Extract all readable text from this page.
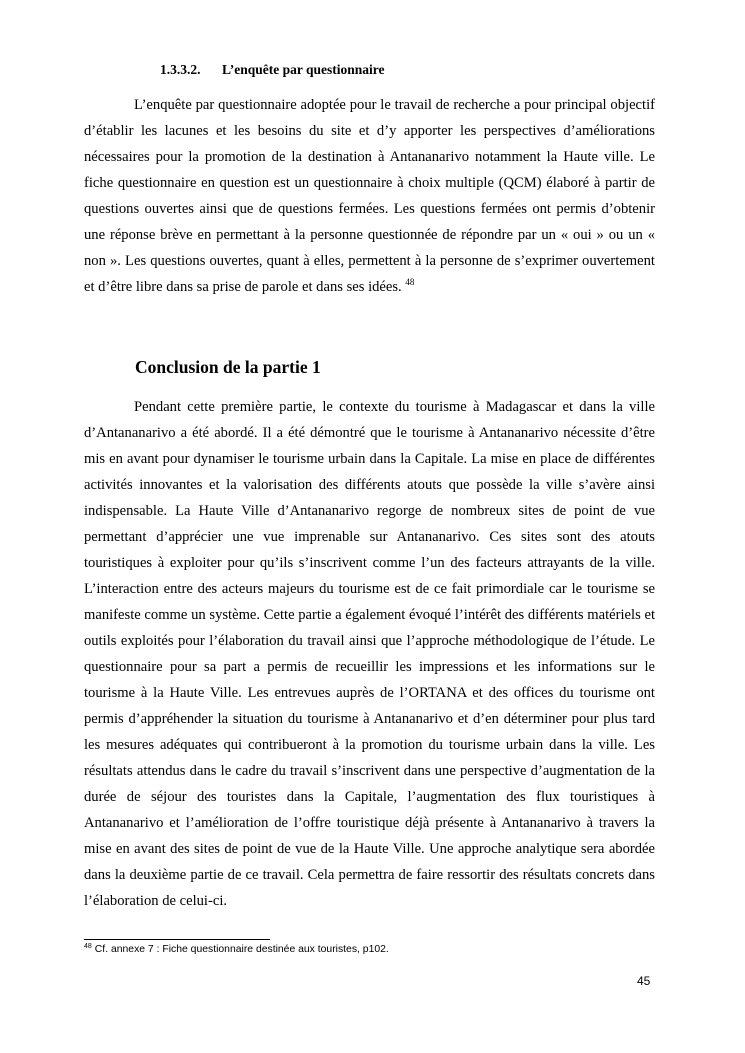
1.3.3.2. L’enquête par questionnaire

L’enquête par questionnaire adoptée pour le travail de recherche a pour principal objectif d’établir les lacunes et les besoins du site et d’y apporter les perspectives d’améliorations nécessaires pour la promotion de la destination à Antananarivo notamment la Haute ville. Le fiche questionnaire en question est un questionnaire à choix multiple (QCM) élaboré à partir de questions ouvertes ainsi que de questions fermées. Les questions fermées ont permis d’obtenir une réponse brève en permettant à la personne questionnée de répondre par un « oui » ou un « non ». Les questions ouvertes, quant à elles, permettent à la personne de s’exprimer ouvertement et d’être libre dans sa prise de parole et dans ses idées. $^{48}$

Conclusion de la partie 1

Pendant cette première partie, le contexte du tourisme à Madagascar et dans la ville d’Antananarivo a été abordé. Il a été démontré que le tourisme à Antananarivo nécessite d’être mis en avant pour dynamiser le tourisme urbain dans la Capitale. La mise en place de différentes activités innovantes et la valorisation des différents atouts que possède la ville s’avère ainsi indispensable. La Haute Ville d’Antananarivo regorge de nombreux sites de point de vue permettant d’apprécier une vue imprenable sur Antananarivo. Ces sites sont des atouts touristiques à exploiter pour qu’ils s’inscrivent comme l’un des facteurs attrayants de la ville. L’interaction entre des acteurs majeurs du tourisme est de ce fait primordiale car le tourisme se manifeste comme un système. Cette partie a également évoqué l’intérêt des différents matériels et outils exploités pour l’élaboration du travail ainsi que l’approche méthodologique de l’étude. Le questionnaire pour sa part a permis de recueillir les impressions et les informations sur le tourisme à la Haute Ville. Les entrevues auprès de l’ORTANA et des offices du tourisme ont permis d’appréhender la situation du tourisme à Antananarivo et d’en déterminer pour plus tard les mesures adéquates qui contribueront à la promotion du tourisme urbain dans la ville. Les résultats attendus dans le cadre du travail s’inscrivent dans une perspective d’augmentation de la durée de séjour des touristes dans la Capitale, l’augmentation des flux touristiques à Antananarivo et l’amélioration de l’offre touristique déjà présente à Antananarivo à travers la mise en avant des sites de point de vue de la Haute Ville. Une approche analytique sera abordée dans la deuxième partie de ce travail. Cela permettra de faire ressortir des résultats concrets dans l’élaboration de celui-ci.

$^{48}$ Cf. annexe 7 : Fiche questionnaire destinée aux touristes, p102.
45
